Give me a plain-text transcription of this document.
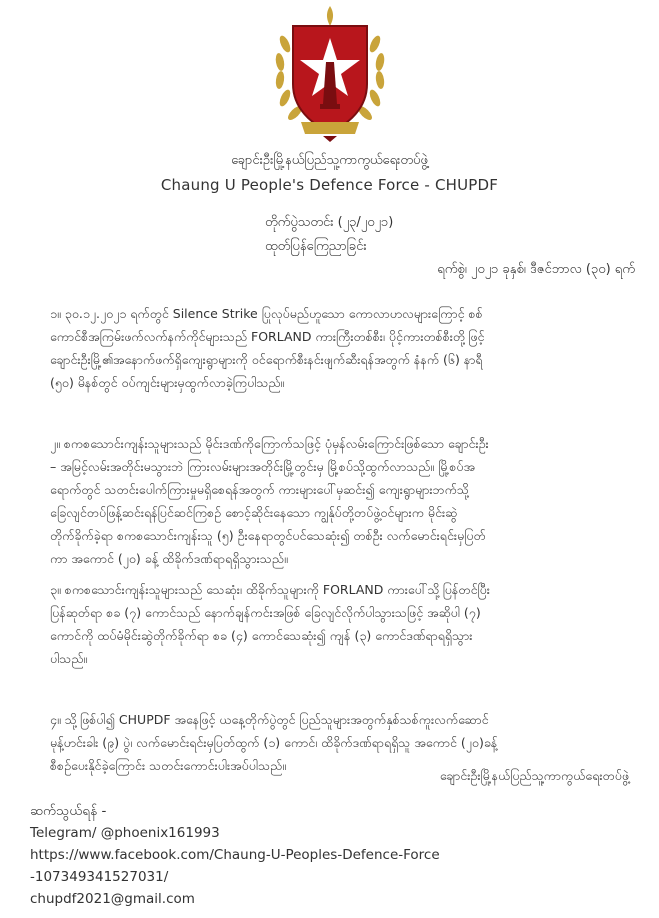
ချောင်းဦးမြို့နယ်ပြည်သူ့ကာကွယ်ရေးတပ်ဖွဲ့
Chaung U People's Defence Force - CHUPDF
တိုက်ပွဲသတင်း (၂၃/၂၀၂၁)
ထုတ်ပြန်ကြေညာခြင်း
ရက်စွဲ၊ ၂၀၂၁ ခုနှစ်၊ ဒီဇင်ဘာလ (၃၀) ရက်
၁။ ၃၀.၁၂.၂၀၂၁ ရက်တွင် Silence Strike ပြုလုပ်မည်ဟူသော ကောလာဟလများကြောင့် စစ်
ကောင်စီအကြမ်းဖက်လက်နက်ကိုင်များသည် FORLAND ကားကြီးတစ်စီး၊ ပိုင့်ကားတစ်စီးတို့ဖြင့်
ချောင်းဦးမြို့၏အနောက်ဖက်ရှိကျေးရွာများကို ဝင်ရောက်စီးနင်းဖျက်ဆီးရန်အတွက် နံနက် (၆) နာရီ
(၅၀) မိနစ်တွင် ဝပ်ကျင်းများမှထွက်လာခဲ့ကြပါသည်။
၂။ စကစသောင်းကျန်းသူများသည် မိုင်းဒဏ်ကိုကြောက်သဖြင့် ပုံမှန်လမ်းကြောင်းဖြစ်သော ချောင်းဦး
– အမြင့်လမ်းအတိုင်းမသွားဘဲ ကြားလမ်းများအတိုင်းမြို့တွင်းမှ မြို့စပ်သို့ထွက်လာသည်။ မြို့စပ်အ
ရောက်တွင် သတင်းပေါက်ကြားမှုမရှိစေရန်အတွက် ကားများပေါ်မှဆင်း၍ ကျေးရွာများဘက်သို့
ခြေလျင်တပ်ဖြန့်ဆင်းရန်ပြင်ဆင်ကြစဉ် စောင့်ဆိုင်းနေသော ကျွန်ုပ်တို့တပ်ဖွဲ့ဝင်များက မိုင်းဆွဲ
တိုက်ခိုက်ခဲ့ရာ စကစသောင်းကျန်းသူ (၅) ဦးနေရာတွင်ပင်သေဆုံး၍ တစ်ဦး လက်မောင်းရင်းမှပြတ်
ကာ အကောင် (၂၀) ခန့် ထိခိုက်ဒဏ်ရာရရှိသွားသည်။
၃။ စကစသောင်းကျန်းသူများသည် သေဆုံး၊ ထိခိုက်သူများကို FORLAND ကားပေါ်သို့ပြန်တင်ပြီး
ပြန်ဆုတ်ရာ စခ (၇) ကောင်သည် နောက်ချန်ကင်းအဖြစ် ခြေလျင်လိုက်ပါသွားသဖြင့် အဆိုပါ (၇)
ကောင်ကို ထပ်မံမိုင်းဆွဲတိုက်ခိုက်ရာ စခ (၄) ကောင်သေဆုံး၍ ကျန် (၃) ကောင်ဒဏ်ရာရရှိသွား
ပါသည်။
၄။ သို့ဖြစ်ပါ၍ CHUPDF အနေဖြင့် ယနေ့တိုက်ပွဲတွင် ပြည်သူများအတွက်နှစ်သစ်ကူးလက်ဆောင်
မုန့်ဟင်းခါး (၉) ပွဲ၊ လက်မောင်းရင်းမှပြတ်ထွက် (၁) ကောင်၊ ထိခိုက်ဒဏ်ရာရရှိသူ အကောင် (၂၀)ခန့်
စီစဉ်ပေးနိုင်ခဲ့ကြောင်း သတင်းကောင်းပါးအပ်ပါသည်။
ချောင်းဦးမြို့နယ်ပြည်သူ့ကာကွယ်ရေးတပ်ဖွဲ့
ဆက်သွယ်ရန် -
Telegram/ @phoenix161993
https://www.facebook.com/Chaung-U-Peoples-Defence-Force
-107349341527031/
chupdf2021@gmail.com
